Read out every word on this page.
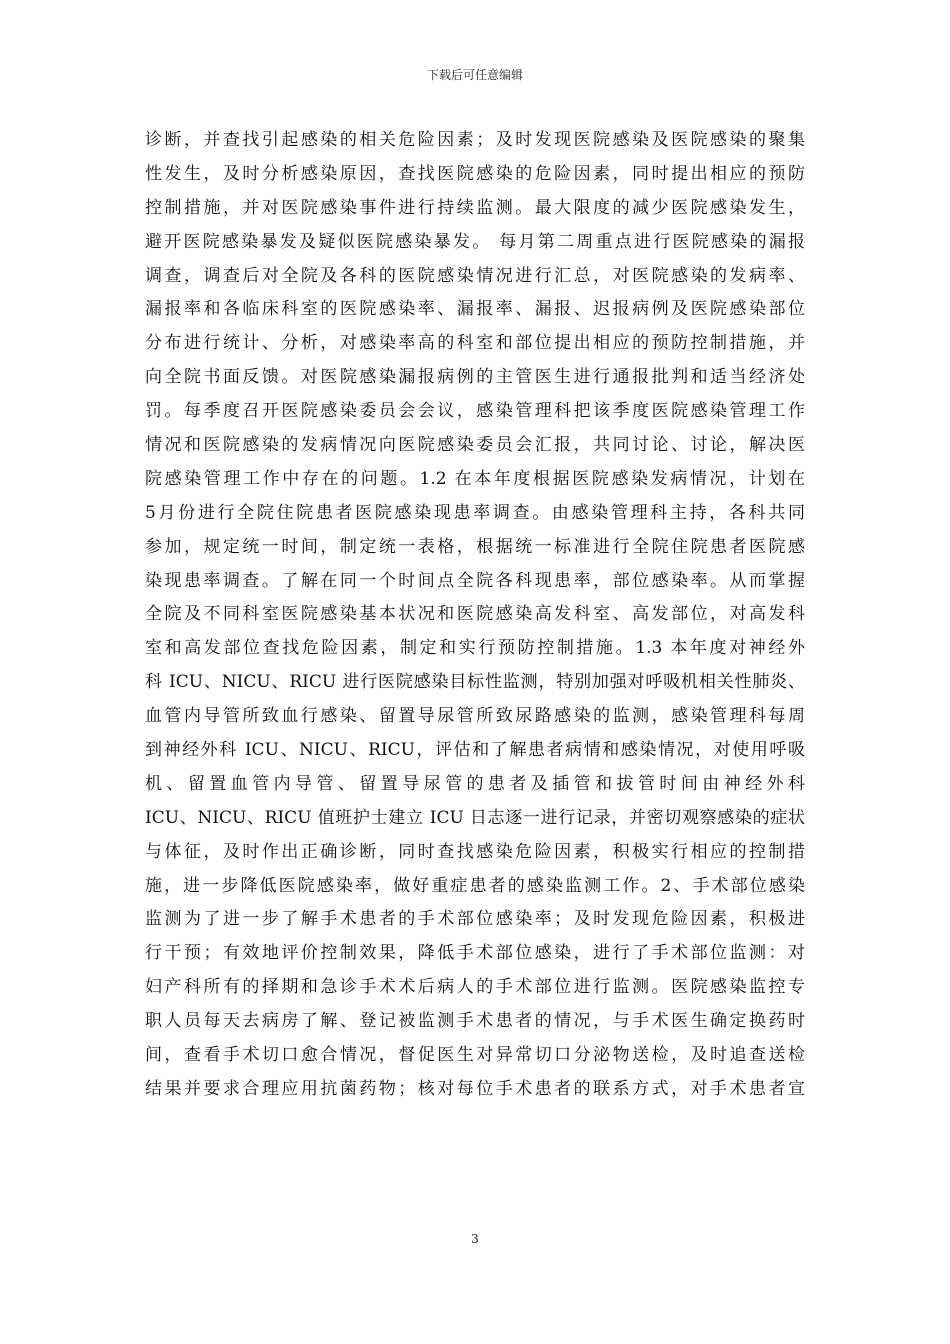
下载后可任意编辑
诊断，并查找引起感染的相关危险因素；及时发现医院感染及医院感染的聚集
性发生，及时分析感染原因，查找医院感染的危险因素，同时提出相应的预防
控制措施，并对医院感染事件进行持续监测。最大限度的减少医院感染发生，
避开医院感染暴发及疑似医院感染暴发。 每月第二周重点进行医院感染的漏报
调查，调查后对全院及各科的医院感染情况进行汇总，对医院感染的发病率、
漏报率和各临床科室的医院感染率、漏报率、漏报、迟报病例及医院感染部位
分布进行统计、分析，对感染率高的科室和部位提出相应的预防控制措施，并
向全院书面反馈。对医院感染漏报病例的主管医生进行通报批判和适当经济处
罚。每季度召开医院感染委员会会议，感染管理科把该季度医院感染管理工作
情况和医院感染的发病情况向医院感染委员会汇报，共同讨论、讨论，解决医
院感染管理工作中存在的问题。1.2 在本年度根据医院感染发病情况，计划在
5月份进行全院住院患者医院感染现患率调查。由感染管理科主持，各科共同
参加，规定统一时间，制定统一表格，根据统一标准进行全院住院患者医院感
染现患率调查。了解在同一个时间点全院各科现患率，部位感染率。从而掌握
全院及不同科室医院感染基本状况和医院感染高发科室、高发部位，对高发科
室和高发部位查找危险因素，制定和实行预防控制措施。1.3 本年度对神经外
科 ICU、NICU、RICU 进行医院感染目标性监测，特别加强对呼吸机相关性肺炎、
血管内导管所致血行感染、留置导尿管所致尿路感染的监测，感染管理科每周
到神经外科 ICU、NICU、RICU，评估和了解患者病情和感染情况，对使用呼吸
机、留置血管内导管、留置导尿管的患者及插管和拔管时间由神经外科
ICU、NICU、RICU 值班护士建立 ICU 日志逐一进行记录，并密切观察感染的症状
与体征，及时作出正确诊断，同时查找感染危险因素，积极实行相应的控制措
施，进一步降低医院感染率，做好重症患者的感染监测工作。2、手术部位感染
监测为了进一步了解手术患者的手术部位感染率；及时发现危险因素，积极进
行干预；有效地评价控制效果，降低手术部位感染，进行了手术部位监测：对
妇产科所有的择期和急诊手术术后病人的手术部位进行监测。医院感染监控专
职人员每天去病房了解、登记被监测手术患者的情况，与手术医生确定换药时
间，查看手术切口愈合情况，督促医生对异常切口分泌物送检，及时追查送检
结果并要求合理应用抗菌药物；核对每位手术患者的联系方式，对手术患者宣
3
